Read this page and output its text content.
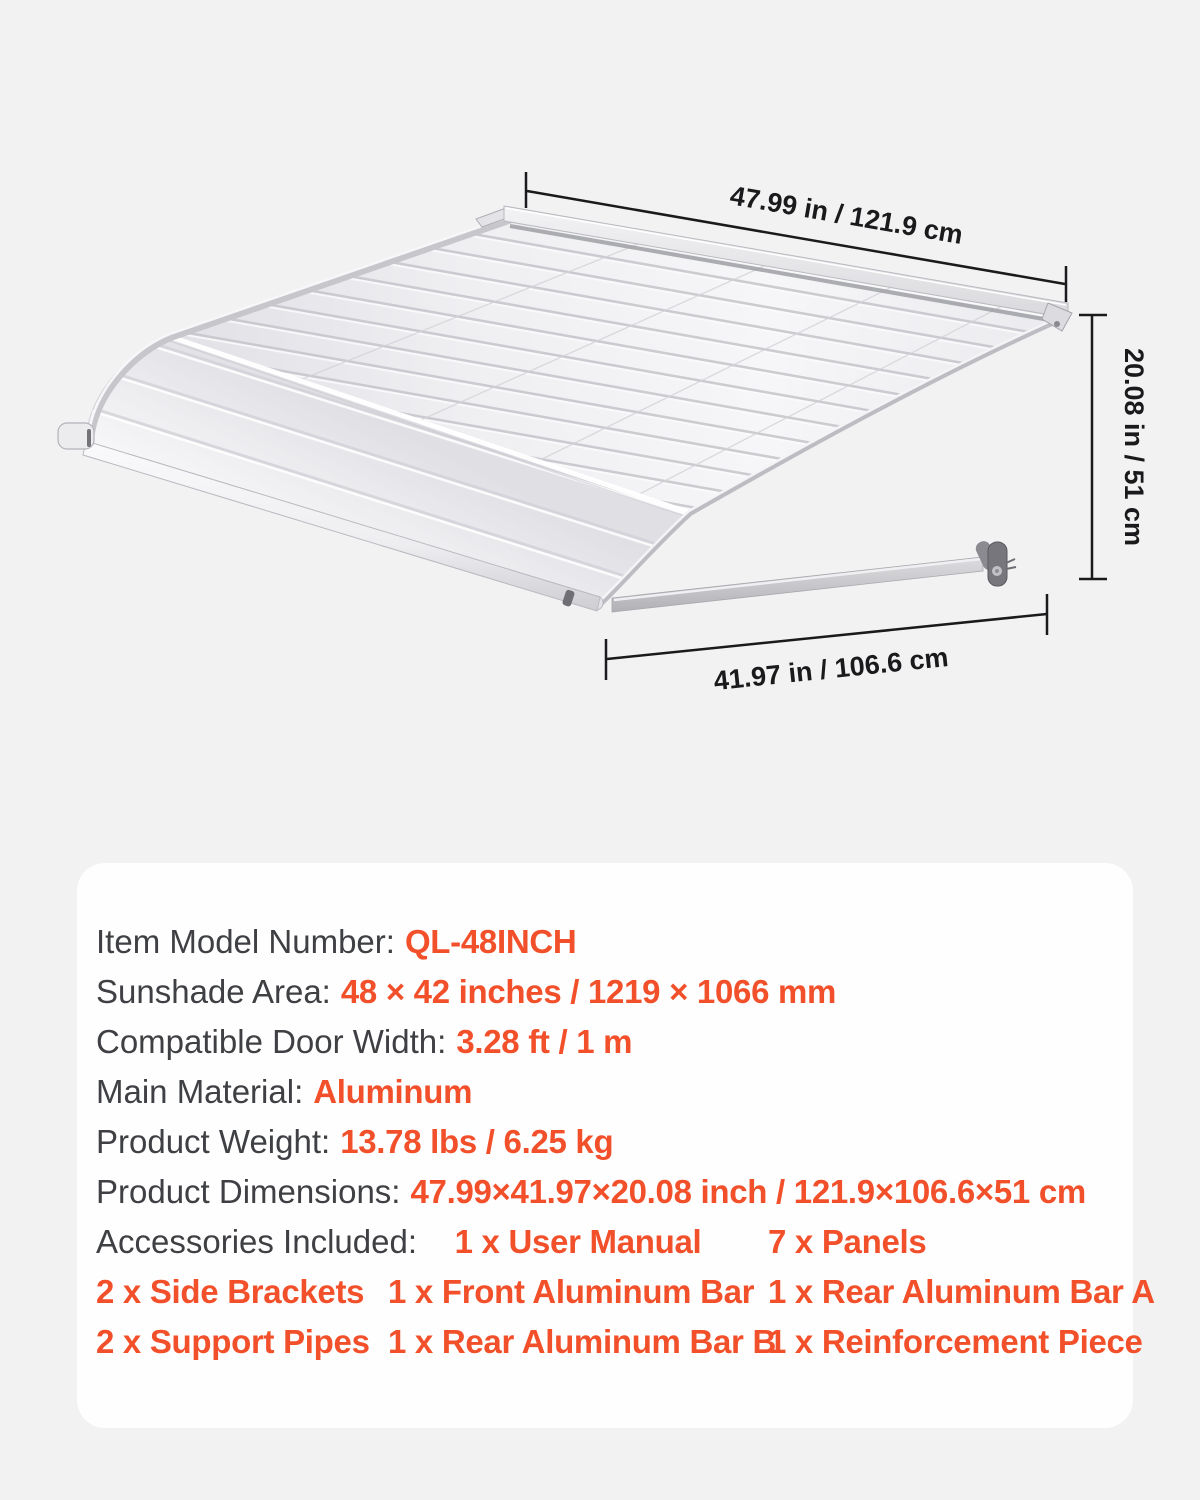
47.99 in / 121.9 cm
20.08 in / 51 cm
41.97 in / 106.6 cm
Item Model Number: QL-48INCH
Sunshade Area: 48 × 42 inches / 1219 × 1066 mm
Compatible Door Width: 3.28 ft / 1 m
Main Material: Aluminum
Product Weight: 13.78 lbs / 6.25 kg
Product Dimensions: 47.99×41.97×20.08 inch / 121.9×106.6×51 cm
Accessories Included:	1 x User Manual	7 x Panels
2 x Side Brackets 1 x Front Aluminum Bar 1 x Rear Aluminum Bar A
2 x Support Pipes 1 x Rear Aluminum Bar B
1 x Reinforcement Piece
